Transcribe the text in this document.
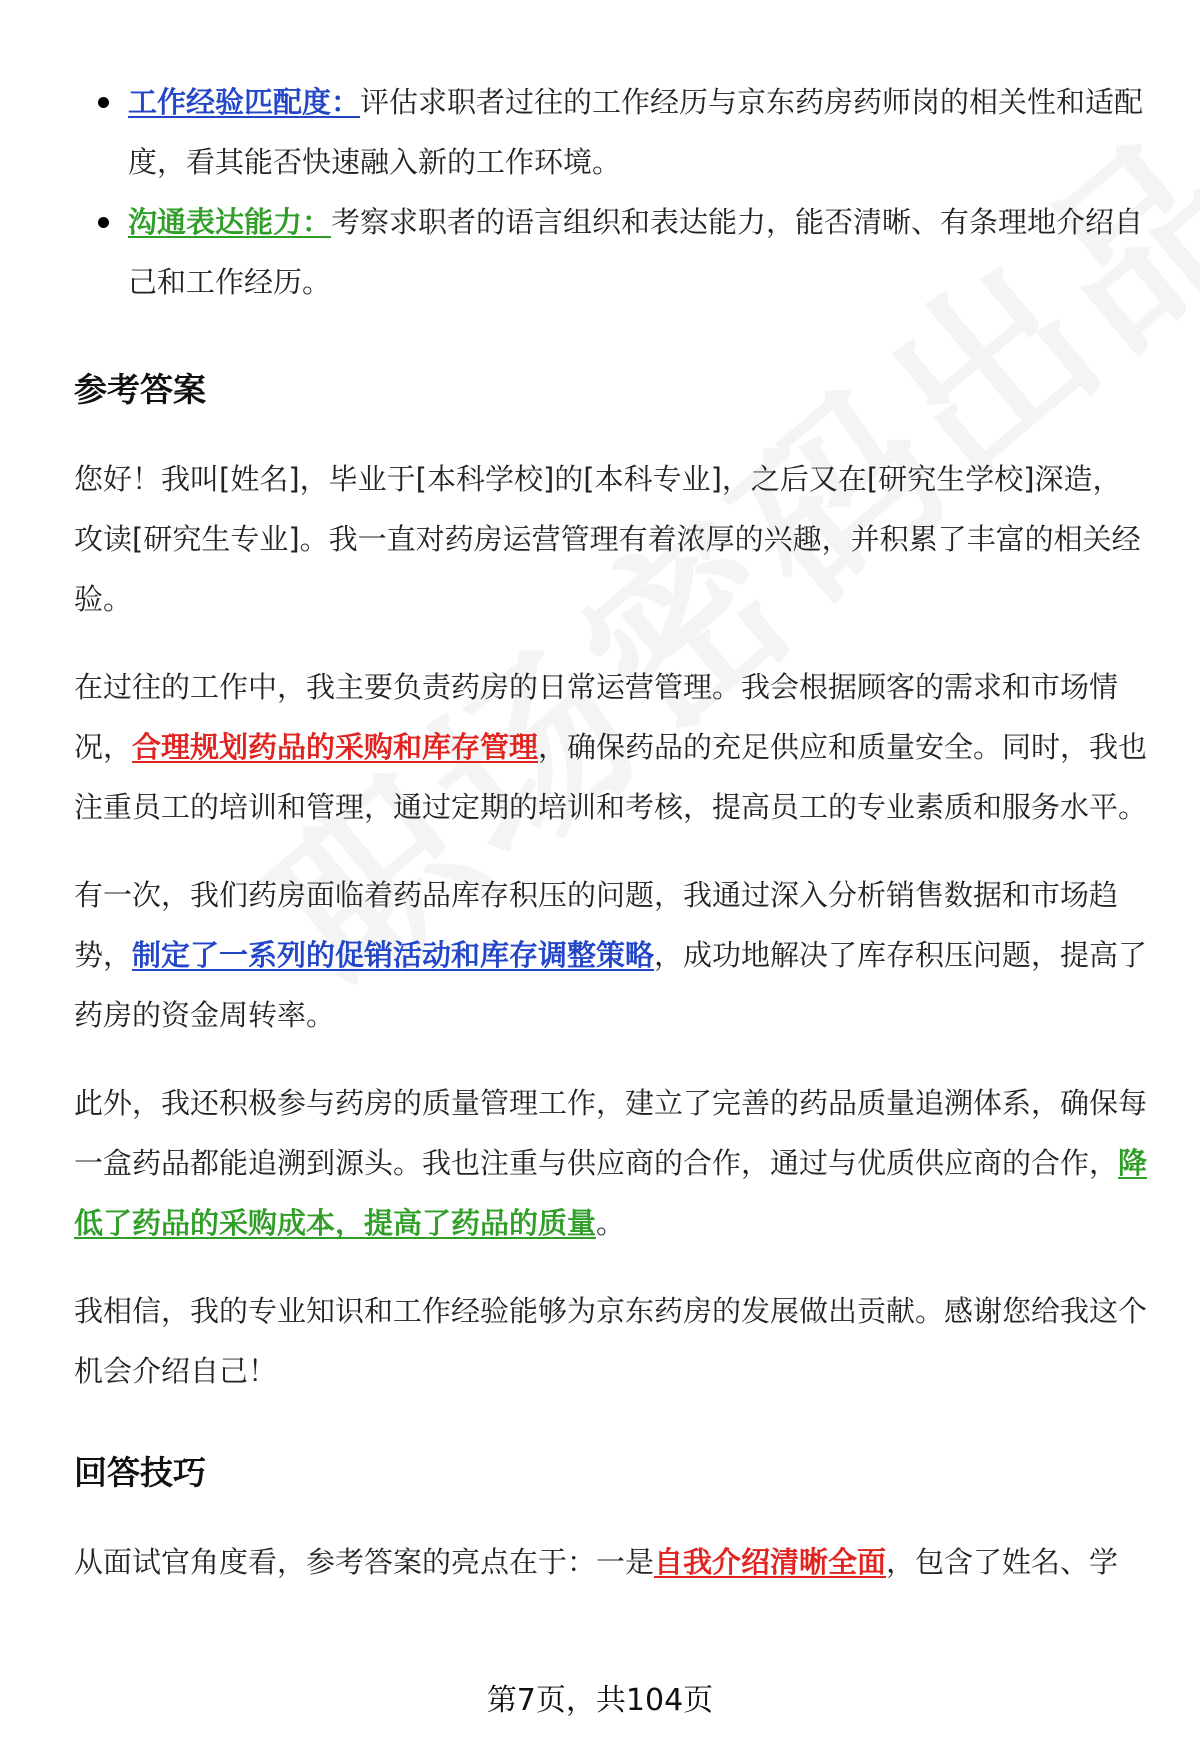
工作经验匹配度：评估求职者过往的工作经历与京东药房药师岗的相关性和适配度，看其能否快速融入新的工作环境。
沟通表达能力：考察求职者的语言组织和表达能力，能否清晰、有条理地介绍自己和工作经历。
参考答案

您好！我叫[姓名]，毕业于[本科学校]的[本科专业]，之后又在[研究生学校]深造，攻读[研究生专业]。我一直对药房运营管理有着浓厚的兴趣，并积累了丰富的相关经验。

在过往的工作中，我主要负责药房的日常运营管理。我会根据顾客的需求和市场情况，合理规划药品的采购和库存管理，确保药品的充足供应和质量安全。同时，我也注重员工的培训和管理，通过定期的培训和考核，提高员工的专业素质和服务水平。

有一次，我们药房面临着药品库存积压的问题，我通过深入分析销售数据和市场趋势，制定了一系列的促销活动和库存调整策略，成功地解决了库存积压问题，提高了药房的资金周转率。

此外，我还积极参与药房的质量管理工作，建立了完善的药品质量追溯体系，确保每一盒药品都能追溯到源头。我也注重与供应商的合作，通过与优质供应商的合作，降低了药品的采购成本，提高了药品的质量。

我相信，我的专业知识和工作经验能够为京东药房的发展做出贡献。感谢您给我这个机会介绍自己！

回答技巧

从面试官角度看，参考答案的亮点在于：一是自我介绍清晰全面，包含了姓名、学

第7页，共104页
